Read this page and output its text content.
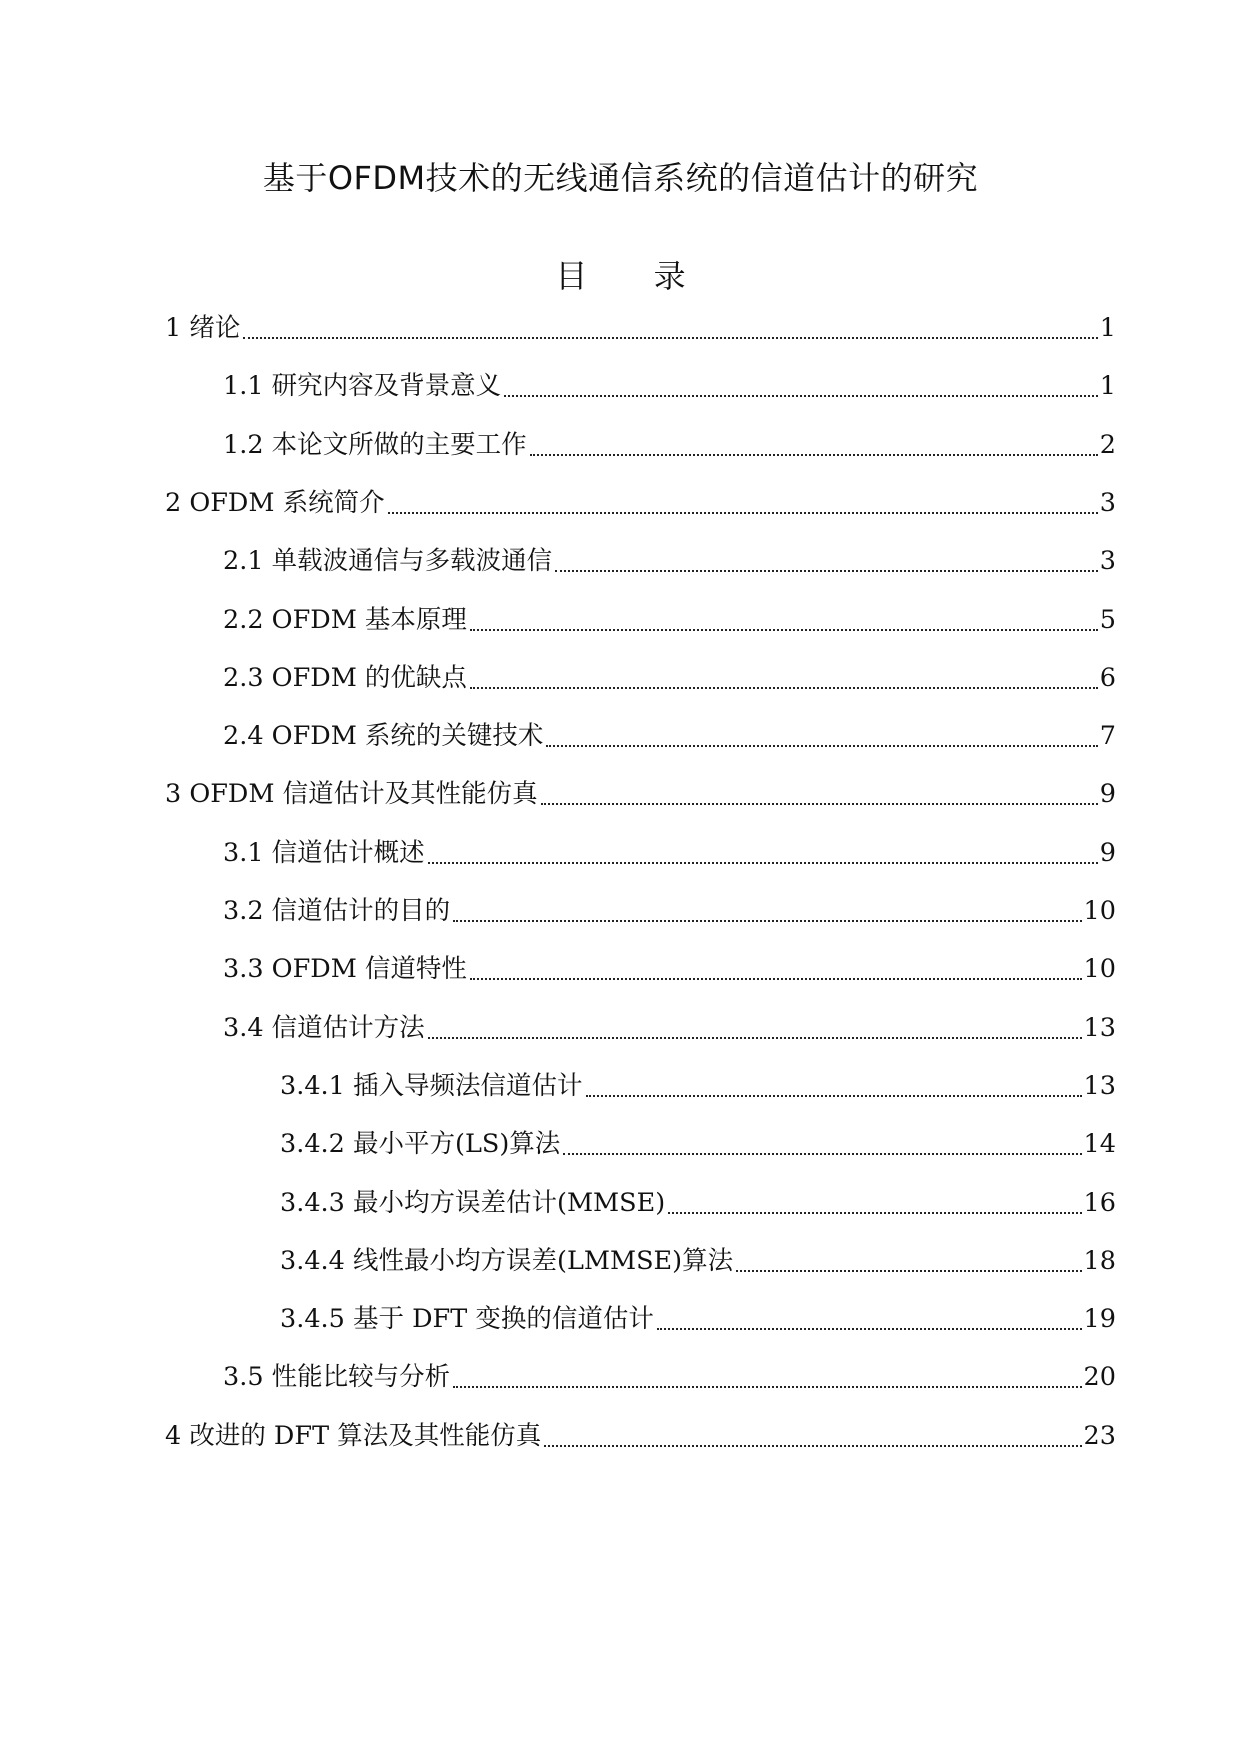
基于OFDM技术的无线通信系统的信道估计的研究
目 录
1 绪论	1
1.1 研究内容及背景意义	1
1.2 本论文所做的主要工作	2
2 OFDM 系统简介	3
2.1 单载波通信与多载波通信	3
2.2 OFDM 基本原理	5
2.3 OFDM 的优缺点	6
2.4 OFDM 系统的关键技术	7
3 OFDM 信道估计及其性能仿真	9
3.1 信道估计概述	9
3.2 信道估计的目的	10
3.3 OFDM 信道特性	10
3.4 信道估计方法	13
3.4.1 插入导频法信道估计	13
3.4.2 最小平方(LS)算法	14
3.4.3 最小均方误差估计(MMSE)	16
3.4.4 线性最小均方误差(LMMSE)算法	18
3.4.5 基于 DFT 变换的信道估计	19
3.5 性能比较与分析	20
4 改进的 DFT 算法及其性能仿真	23
